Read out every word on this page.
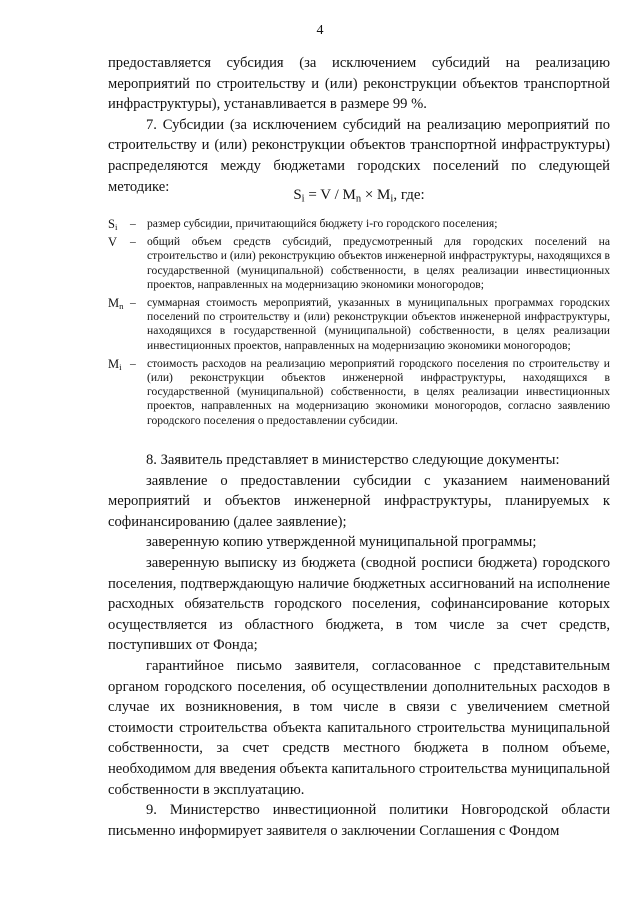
4

предоставляется субсидия (за исключением субсидий на реализацию мероприятий по строительству и (или) реконструкции объектов транспортной инфраструктуры), устанавливается в размере 99 %.

7. Субсидии (за исключением субсидий на реализацию мероприятий по строительству и (или) реконструкции объектов транспортной инфраструктуры) распределяются между бюджетами городских поселений по следующей методике:

$S_i = V / M_n \times M_i$, где:
$S_i$	– размер субсидии, причитающийся бюджету i-го городского поселения;
V	– общий объем средств субсидий, предусмотренный для городских поселений на строительство и (или) реконструкцию объектов инженерной инфраструктуры, находящихся в государственной (муниципальной) собственности, в целях реализации инвестиционных проектов, направленных на модернизацию экономики моногородов;
$M_n$ – суммарная стоимость мероприятий, указанных в муниципальных программах городских поселений по строительству и (или) реконструкции объектов инженерной инфраструктуры, находящихся в государственной (муниципальной) собственности, в целях реализации инвестиционных проектов, направленных на модернизацию экономики моногородов;
$M_i$ – стоимость расходов на реализацию мероприятий городского поселения по строительству и (или) реконструкции объектов инженерной инфраструктуры, находящихся в государственной (муниципальной) собственности, в целях реализации инвестиционных проектов, направленных на модернизацию экономики моногородов, согласно заявлению городского поселения о предоставлении субсидии.

8. Заявитель представляет в министерство следующие документы:

заявление о предоставлении субсидии с указанием наименований мероприятий и объектов инженерной инфраструктуры, планируемых к софинансированию (далее заявление);

заверенную копию утвержденной муниципальной программы;

заверенную выписку из бюджета (сводной росписи бюджета) городского поселения, подтверждающую наличие бюджетных ассигнований на исполнение расходных обязательств городского поселения, софинансирование которых осуществляется из областного бюджета, в том числе за счет средств, поступивших от Фонда;

гарантийное письмо заявителя, согласованное с представительным органом городского поселения, об осуществлении дополнительных расходов в случае их возникновения, в том числе в связи с увеличением сметной стоимости строительства объекта капитального строительства муниципальной собственности, за счет средств местного бюджета в полном объеме, необходимом для введения объекта капитального строительства муниципальной собственности в эксплуатацию.

9. Министерство инвестиционной политики Новгородской области письменно информирует заявителя о заключении Соглашения с Фондом
